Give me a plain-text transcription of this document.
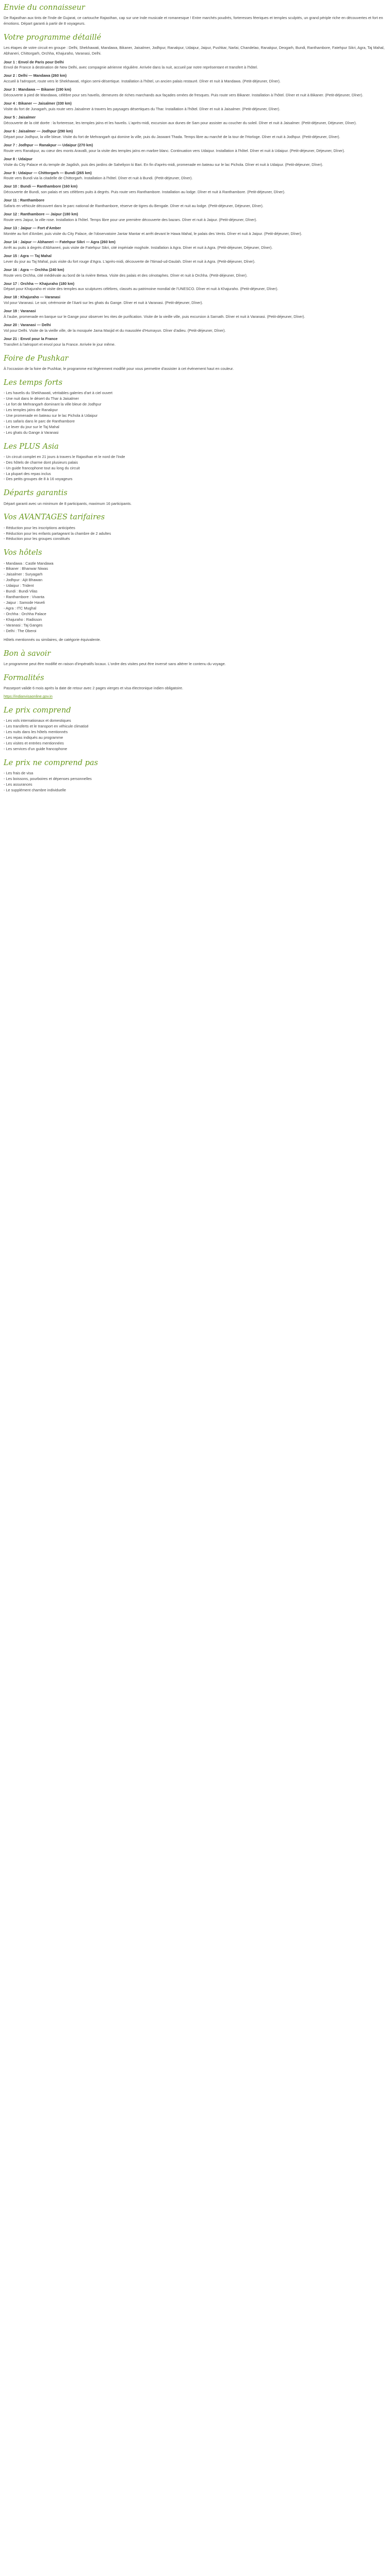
Envie du connaisseur

De Rajasthan aux tints de l'Inde de Gujarat, ce cartouche Rajasthan, cap sur une Inde musicale et romanesque ! Entre marchés poudrés, forteresses féeriques et temples sculptés, un grand périple riche en découvertes et fort en émotions. Départ garanti à partir de 8 voyageurs.

Votre programme détaillé

Les étapes de votre circuit en groupe : Delhi, Shekhawati, Mandawa, Bikaner, Jaisalmer, Jodhpur, Ranakpur, Udaipur, Jaipur, Pushkar, Narlai, Chandelao, Ranakpur, Deogarh, Bundi, Ranthambore, Fatehpur Sikri, Agra, Taj Mahal, Abhaneri, Chittorgarh, Orchha, Khajuraho, Varanasi, Delhi.

Jour 1 : Envol de Paris pour Delhi

Envol de France à destination de New Delhi, avec compagnie aérienne régulière. Arrivée dans la nuit, accueil par notre représentant et transfert à l'hôtel.

Jour 2 : Delhi — Mandawa (260 km)

Accueil à l'aéroport, route vers le Shekhawati, région semi-désertique. Installation à l'hôtel, un ancien palais restauré. Dîner et nuit à Mandawa. (Petit-déjeuner, Dîner).

Jour 3 : Mandawa — Bikaner (190 km)

Découverte à pied de Mandawa, célèbre pour ses havelis, demeures de riches marchands aux façades ornées de fresques. Puis route vers Bikaner. Installation à l'hôtel. Dîner et nuit à Bikaner. (Petit-déjeuner, Dîner).

Jour 4 : Bikaner — Jaisalmer (330 km)

Visite du fort de Junagarh, puis route vers Jaisalmer à travers les paysages désertiques du Thar. Installation à l'hôtel. Dîner et nuit à Jaisalmer. (Petit-déjeuner, Dîner).

Jour 5 : Jaisalmer

Découverte de la cité dorée : la forteresse, les temples jaïns et les havelis. L'après-midi, excursion aux dunes de Sam pour assister au coucher du soleil. Dîner et nuit à Jaisalmer. (Petit-déjeuner, Déjeuner, Dîner).

Jour 6 : Jaisalmer — Jodhpur (290 km)

Départ pour Jodhpur, la ville bleue. Visite du fort de Mehrangarh qui domine la ville, puis du Jaswant Thada. Temps libre au marché de la tour de l'Horloge. Dîner et nuit à Jodhpur. (Petit-déjeuner, Dîner).

Jour 7 : Jodhpur — Ranakpur — Udaipur (270 km)

Route vers Ranakpur, au cœur des monts Aravalli, pour la visite des temples jaïns en marbre blanc. Continuation vers Udaipur. Installation à l'hôtel. Dîner et nuit à Udaipur. (Petit-déjeuner, Déjeuner, Dîner).

Jour 8 : Udaipur

Visite du City Palace et du temple de Jagdish, puis des jardins de Saheliyon ki Bari. En fin d'après-midi, promenade en bateau sur le lac Pichola. Dîner et nuit à Udaipur. (Petit-déjeuner, Dîner).

Jour 9 : Udaipur — Chittorgarh — Bundi (265 km)

Route vers Bundi via la citadelle de Chittorgarh. Installation à l'hôtel. Dîner et nuit à Bundi. (Petit-déjeuner, Dîner).

Jour 10 : Bundi — Ranthambore (160 km)

Découverte de Bundi, son palais et ses célèbres puits à degrés. Puis route vers Ranthambore. Installation au lodge. Dîner et nuit à Ranthambore. (Petit-déjeuner, Dîner).

Jour 11 : Ranthambore

Safaris en véhicule découvert dans le parc national de Ranthambore, réserve de tigres du Bengale. Dîner et nuit au lodge. (Petit-déjeuner, Déjeuner, Dîner).

Jour 12 : Ranthambore — Jaipur (180 km)

Route vers Jaipur, la ville rose. Installation à l'hôtel. Temps libre pour une première découverte des bazars. Dîner et nuit à Jaipur. (Petit-déjeuner, Dîner).

Jour 13 : Jaipur — Fort d'Amber

Montée au fort d'Amber, puis visite du City Palace, de l'observatoire Jantar Mantar et arrêt devant le Hawa Mahal, le palais des Vents. Dîner et nuit à Jaipur. (Petit-déjeuner, Dîner).

Jour 14 : Jaipur — Abhaneri — Fatehpur Sikri — Agra (260 km)

Arrêt au puits à degrés d'Abhaneri, puis visite de Fatehpur Sikri, cité impériale moghole. Installation à Agra. Dîner et nuit à Agra. (Petit-déjeuner, Déjeuner, Dîner).

Jour 15 : Agra — Taj Mahal

Lever du jour au Taj Mahal, puis visite du fort rouge d'Agra. L'après-midi, découverte de l'Itimad-ud-Daulah. Dîner et nuit à Agra. (Petit-déjeuner, Dîner).

Jour 16 : Agra — Orchha (240 km)

Route vers Orchha, cité médiévale au bord de la rivière Betwa. Visite des palais et des cénotaphes. Dîner et nuit à Orchha. (Petit-déjeuner, Dîner).

Jour 17 : Orchha — Khajuraho (180 km)

Départ pour Khajuraho et visite des temples aux sculptures célèbres, classés au patrimoine mondial de l'UNESCO. Dîner et nuit à Khajuraho. (Petit-déjeuner, Dîner).

Jour 18 : Khajuraho — Varanasi

Vol pour Varanasi. Le soir, cérémonie de l'Aarti sur les ghats du Gange. Dîner et nuit à Varanasi. (Petit-déjeuner, Dîner).

Jour 19 : Varanasi

À l'aube, promenade en barque sur le Gange pour observer les rites de purification. Visite de la vieille ville, puis excursion à Sarnath. Dîner et nuit à Varanasi. (Petit-déjeuner, Dîner).

Jour 20 : Varanasi — Delhi

Vol pour Delhi. Visite de la vieille ville, de la mosquée Jama Masjid et du mausolée d'Humayun. Dîner d'adieu. (Petit-déjeuner, Dîner).

Jour 21 : Envol pour la France

Transfert à l'aéroport et envol pour la France. Arrivée le jour même.

Foire de Pushkar

À l'occasion de la foire de Pushkar, le programme est légèrement modifié pour vous permettre d'assister à cet événement haut en couleur.

Les temps forts
- Les havelis du Shekhawati, véritables galeries d'art à ciel ouvert
- Une nuit dans le désert du Thar à Jaisalmer
- Le fort de Mehrangarh dominant la ville bleue de Jodhpur
- Les temples jaïns de Ranakpur
- Une promenade en bateau sur le lac Pichola à Udaipur
- Les safaris dans le parc de Ranthambore
- Le lever du jour sur le Taj Mahal
- Les ghats du Gange à Varanasi
Les PLUS Asia
- Un circuit complet en 21 jours à travers le Rajasthan et le nord de l'Inde
- Des hôtels de charme dont plusieurs palais
- Un guide francophone tout au long du circuit
- La plupart des repas inclus
- Des petits groupes de 8 à 16 voyageurs
Départs garantis

Départ garanti avec un minimum de 8 participants, maximum 16 participants.

Vos AVANTAGES tarifaires
- Réduction pour les inscriptions anticipées
- Réduction pour les enfants partageant la chambre de 2 adultes
- Réduction pour les groupes constitués
Vos hôtels
- Mandawa : Castle Mandawa
- Bikaner : Bhanwar Niwas
- Jaisalmer : Suryagarh
- Jodhpur : Ajit Bhawan
- Udaipur : Trident
- Bundi : Bundi Vilas
- Ranthambore : Vivanta
- Jaipur : Samode Haveli
- Agra : ITC Mughal
- Orchha : Orchha Palace
- Khajuraho : Radisson
- Varanasi : Taj Ganges
- Delhi : The Oberoi

Hôtels mentionnés ou similaires, de catégorie équivalente.

Bon à savoir

Le programme peut être modifié en raison d'impératifs locaux. L'ordre des visites peut être inversé sans altérer le contenu du voyage.

Formalités

Passeport valide 6 mois après la date de retour avec 2 pages vierges et visa électronique indien obligatoire.

https://indianvisaonline.gov.in

Le prix comprend
- Les vols internationaux et domestiques
- Les transferts et le transport en véhicule climatisé
- Les nuits dans les hôtels mentionnés
- Les repas indiqués au programme
- Les visites et entrées mentionnées
- Les services d'un guide francophone
Le prix ne comprend pas
- Les frais de visa
- Les boissons, pourboires et dépenses personnelles
- Les assurances
- Le supplément chambre individuelle
